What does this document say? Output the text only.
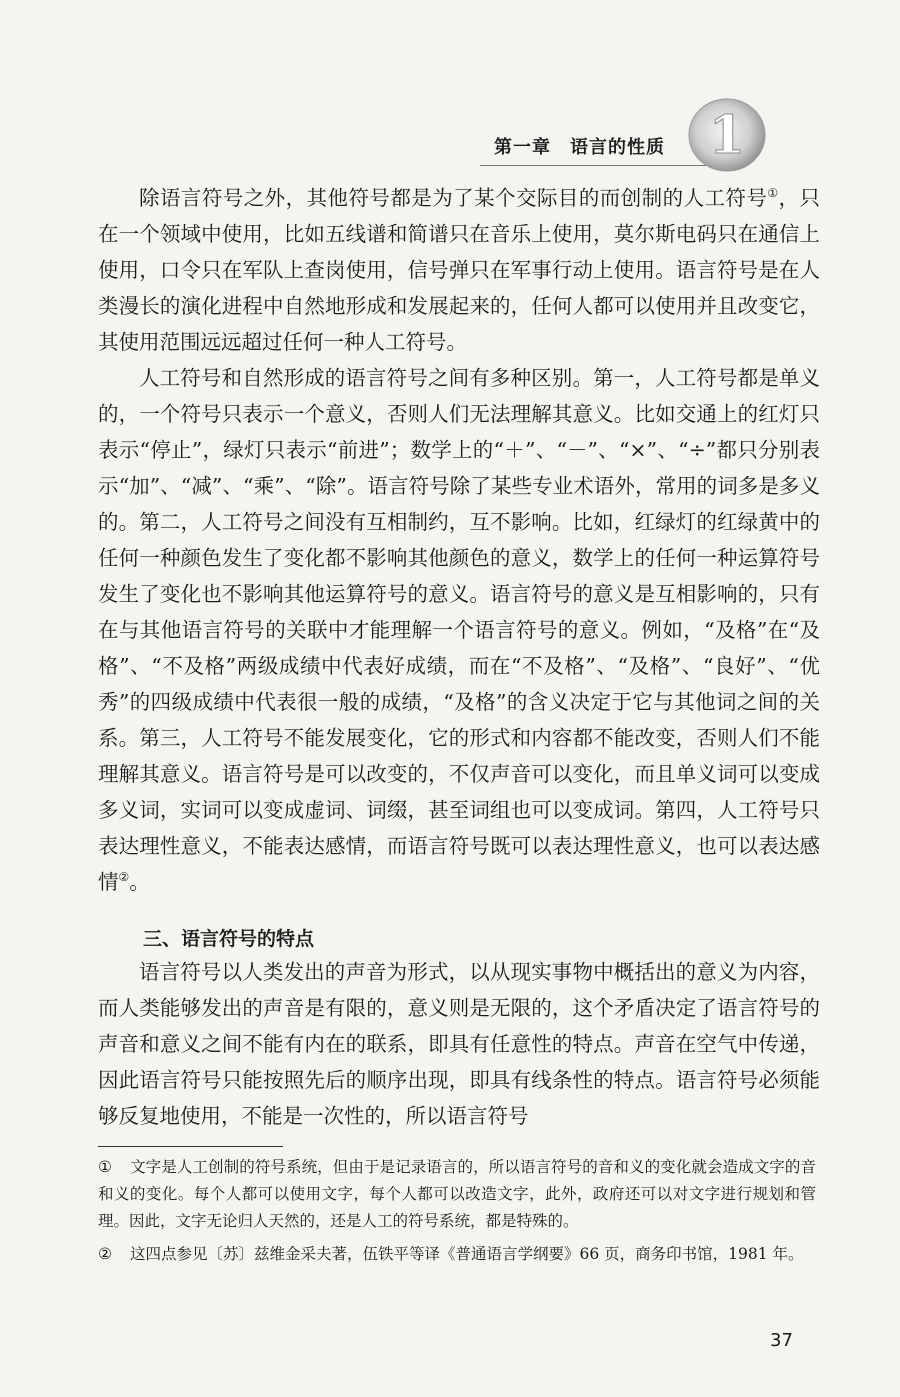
第一章　语言的性质 1

除语言符号之外，其他符号都是为了某个交际目的而创制的人工符号①，只在一个领域中使用，比如五线谱和简谱只在音乐上使用，莫尔斯电码只在通信上使用，口令只在军队上查岗使用，信号弹只在军事行动上使用。语言符号是在人类漫长的演化进程中自然地形成和发展起来的，任何人都可以使用并且改变它，其使用范围远远超过任何一种人工符号。

人工符号和自然形成的语言符号之间有多种区别。第一，人工符号都是单义的，一个符号只表示一个意义，否则人们无法理解其意义。比如交通上的红灯只表示“停止”，绿灯只表示“前进”；数学上的“＋”、“－”、“×”、“÷”都只分别表示“加”、“减”、“乘”、“除”。语言符号除了某些专业术语外，常用的词多是多义的。第二，人工符号之间没有互相制约，互不影响。比如，红绿灯的红绿黄中的任何一种颜色发生了变化都不影响其他颜色的意义，数学上的任何一种运算符号发生了变化也不影响其他运算符号的意义。语言符号的意义是互相影响的，只有在与其他语言符号的关联中才能理解一个语言符号的意义。例如，“及格”在“及格”、“不及格”两级成绩中代表好成绩，而在“不及格”、“及格”、“良好”、“优秀”的四级成绩中代表很一般的成绩，“及格”的含义决定于它与其他词之间的关系。第三，人工符号不能发展变化，它的形式和内容都不能改变，否则人们不能理解其意义。语言符号是可以改变的，不仅声音可以变化，而且单义词可以变成多义词，实词可以变成虚词、词缀，甚至词组也可以变成词。第四，人工符号只表达理性意义，不能表达感情，而语言符号既可以表达理性意义，也可以表达感情②。

三、语言符号的特点

语言符号以人类发出的声音为形式，以从现实事物中概括出的意义为内容，而人类能够发出的声音是有限的，意义则是无限的，这个矛盾决定了语言符号的声音和意义之间不能有内在的联系，即具有任意性的特点。声音在空气中传递，因此语言符号只能按照先后的顺序出现，即具有线条性的特点。语言符号必须能够反复地使用，不能是一次性的，所以语言符号

① 文字是人工创制的符号系统，但由于是记录语言的，所以语言符号的音和义的变化就会造成文字的音和义的变化。每个人都可以使用文字，每个人都可以改造文字，此外，政府还可以对文字进行规划和管理。因此，文字无论归人天然的，还是人工的符号系统，都是特殊的。

② 这四点参见〔苏〕兹维金采夫著，伍铁平等译《普通语言学纲要》66 页，商务印书馆，1981 年。

37
